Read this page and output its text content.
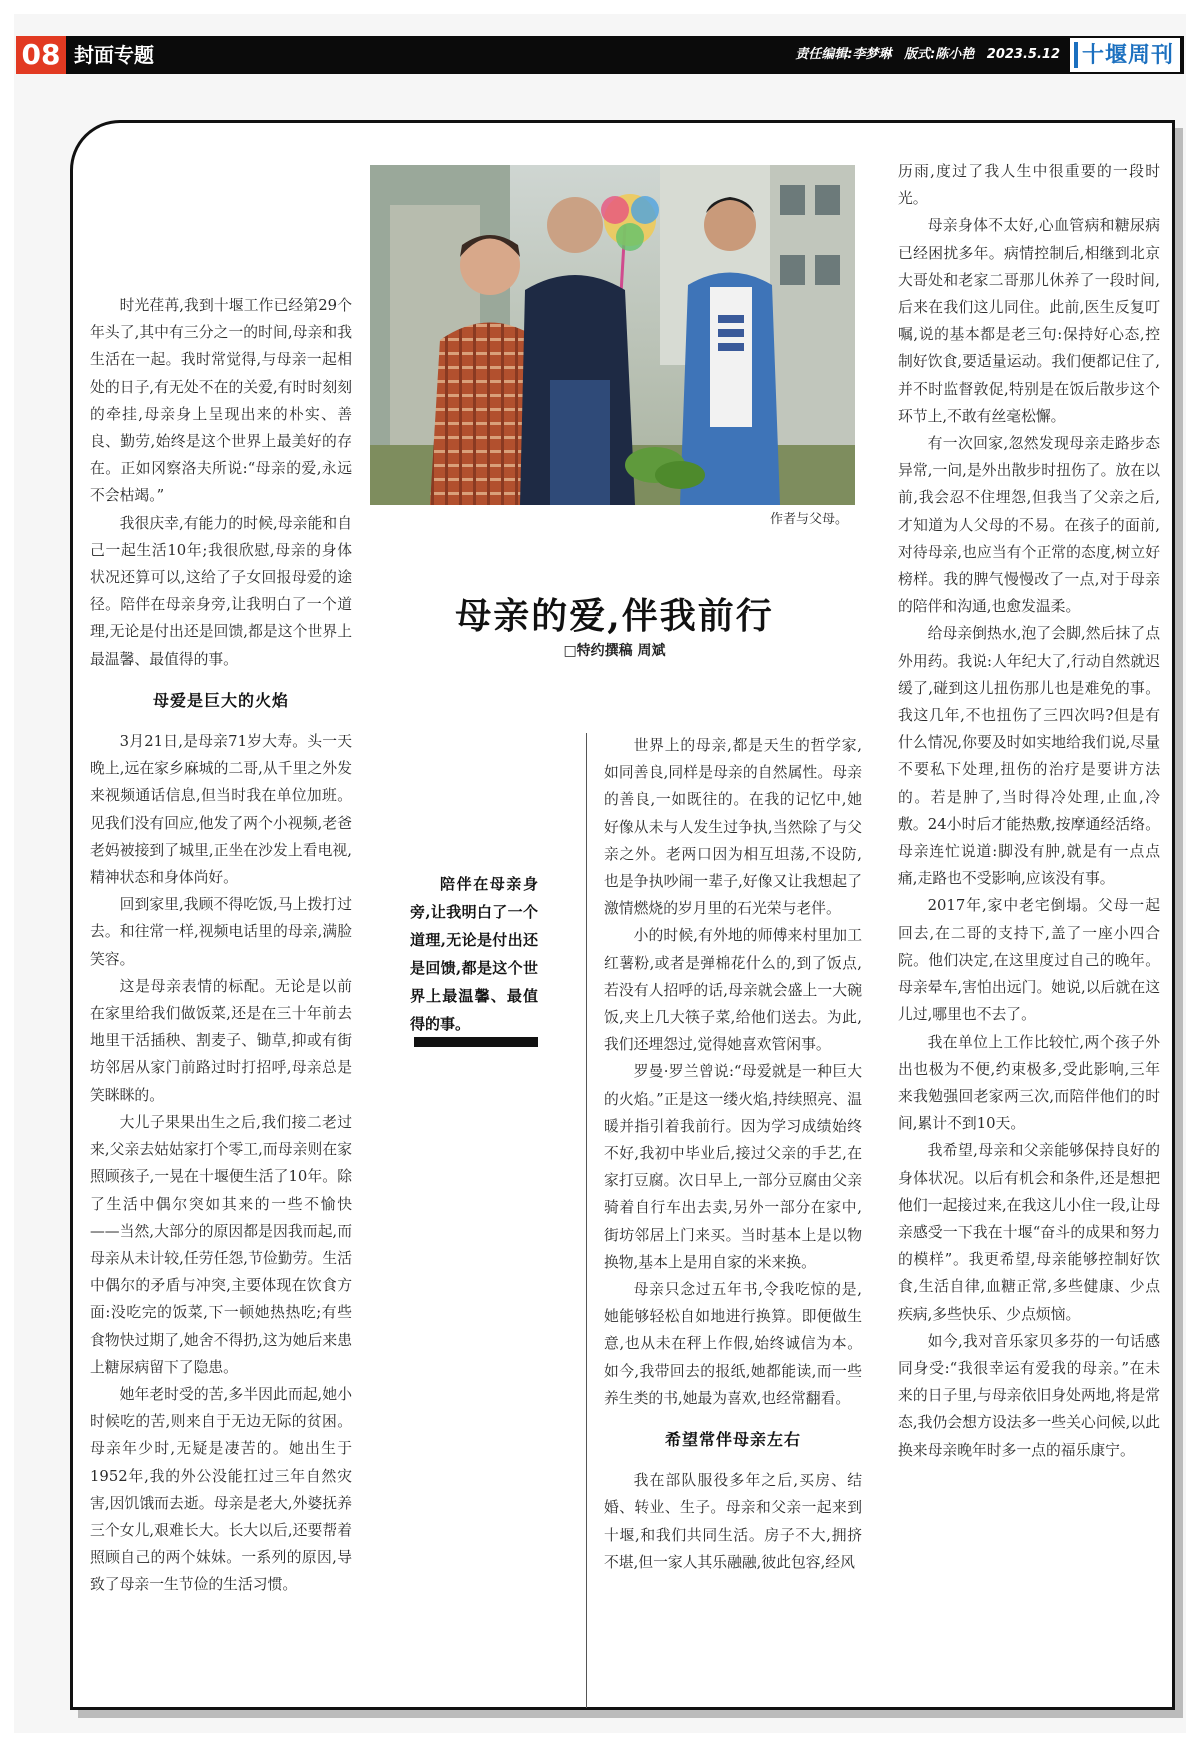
08 封面专题	责任编辑:李梦琳 版式:陈小艳 2023.5.12 十堰周刊

时光荏苒,我到十堰工作已经第29个年头了,其中有三分之一的时间,母亲和我生活在一起。我时常觉得,与母亲一起相处的日子,有无处不在的关爱,有时时刻刻的牵挂,母亲身上呈现出来的朴实、善良、勤劳,始终是这个世界上最美好的存在。正如冈察洛夫所说:“母亲的爱,永远不会枯竭。”

我很庆幸,有能力的时候,母亲能和自己一起生活10年;我很欣慰,母亲的身体状况还算可以,这给了子女回报母爱的途径。陪伴在母亲身旁,让我明白了一个道理,无论是付出还是回馈,都是这个世界上最温馨、最值得的事。

母爱是巨大的火焰

3月21日,是母亲71岁大寿。头一天晚上,远在家乡麻城的二哥,从千里之外发来视频通话信息,但当时我在单位加班。见我们没有回应,他发了两个小视频,老爸老妈被接到了城里,正坐在沙发上看电视,精神状态和身体尚好。

回到家里,我顾不得吃饭,马上拨打过去。和往常一样,视频电话里的母亲,满脸笑容。

这是母亲表情的标配。无论是以前在家里给我们做饭菜,还是在三十年前去地里干活插秧、割麦子、锄草,抑或有街坊邻居从家门前路过时打招呼,母亲总是笑眯眯的。

大儿子果果出生之后,我们接二老过来,父亲去姑姑家打个零工,而母亲则在家照顾孩子,一晃在十堰便生活了10年。除了生活中偶尔突如其来的一些不愉快——当然,大部分的原因都是因我而起,而母亲从未计较,任劳任怨,节俭勤劳。生活中偶尔的矛盾与冲突,主要体现在饮食方面:没吃完的饭菜,下一顿她热热吃;有些食物快过期了,她舍不得扔,这为她后来患上糖尿病留下了隐患。

她年老时受的苦,多半因此而起,她小时候吃的苦,则来自于无边无际的贫困。母亲年少时,无疑是凄苦的。她出生于1952年,我的外公没能扛过三年自然灾害,因饥饿而去逝。母亲是老大,外婆抚养三个女儿,艰难长大。长大以后,还要帮着照顾自己的两个妹妹。一系列的原因,导致了母亲一生节俭的生活习惯。

作者与父母。
母亲的爱,伴我前行
□特约撰稿 周斌
陪伴在母亲身旁,让我明白了一个道理,无论是付出还是回馈,都是这个世界上最温馨、最值得的事。

世界上的母亲,都是天生的哲学家,如同善良,同样是母亲的自然属性。母亲的善良,一如既往的。在我的记忆中,她好像从未与人发生过争执,当然除了与父亲之外。老两口因为相互坦荡,不设防,也是争执吵闹一辈子,好像又让我想起了激情燃烧的岁月里的石光荣与老伴。

小的时候,有外地的师傅来村里加工红薯粉,或者是弹棉花什么的,到了饭点,若没有人招呼的话,母亲就会盛上一大碗饭,夹上几大筷子菜,给他们送去。为此,我们还埋怨过,觉得她喜欢管闲事。

罗曼·罗兰曾说:“母爱就是一种巨大的火焰。”正是这一缕火焰,持续照亮、温暖并指引着我前行。因为学习成绩始终不好,我初中毕业后,接过父亲的手艺,在家打豆腐。次日早上,一部分豆腐由父亲骑着自行车出去卖,另外一部分在家中,街坊邻居上门来买。当时基本上是以物换物,基本上是用自家的米来换。

母亲只念过五年书,令我吃惊的是,她能够轻松自如地进行换算。即便做生意,也从未在秤上作假,始终诚信为本。如今,我带回去的报纸,她都能读,而一些养生类的书,她最为喜欢,也经常翻看。

希望常伴母亲左右

我在部队服役多年之后,买房、结婚、转业、生子。母亲和父亲一起来到十堰,和我们共同生活。房子不大,拥挤不堪,但一家人其乐融融,彼此包容,经风

历雨,度过了我人生中很重要的一段时光。

母亲身体不太好,心血管病和糖尿病已经困扰多年。病情控制后,相继到北京大哥处和老家二哥那儿休养了一段时间,后来在我们这儿同住。此前,医生反复叮嘱,说的基本都是老三句:保持好心态,控制好饮食,要适量运动。我们便都记住了,并不时监督敦促,特别是在饭后散步这个环节上,不敢有丝毫松懈。

有一次回家,忽然发现母亲走路步态异常,一问,是外出散步时扭伤了。放在以前,我会忍不住埋怨,但我当了父亲之后,才知道为人父母的不易。在孩子的面前,对待母亲,也应当有个正常的态度,树立好榜样。我的脾气慢慢改了一点,对于母亲的陪伴和沟通,也愈发温柔。

给母亲倒热水,泡了会脚,然后抹了点外用药。我说:人年纪大了,行动自然就迟缓了,碰到这儿扭伤那儿也是难免的事。我这几年,不也扭伤了三四次吗?但是有什么情况,你要及时如实地给我们说,尽量不要私下处理,扭伤的治疗是要讲方法的。若是肿了,当时得冷处理,止血,冷敷。24小时后才能热敷,按摩通经活络。母亲连忙说道:脚没有肿,就是有一点点痛,走路也不受影响,应该没有事。

2017年,家中老宅倒塌。父母一起回去,在二哥的支持下,盖了一座小四合院。他们决定,在这里度过自己的晚年。母亲晕车,害怕出远门。她说,以后就在这儿过,哪里也不去了。

我在单位上工作比较忙,两个孩子外出也极为不便,约束极多,受此影响,三年来我勉强回老家两三次,而陪伴他们的时间,累计不到10天。

我希望,母亲和父亲能够保持良好的身体状况。以后有机会和条件,还是想把他们一起接过来,在我这儿小住一段,让母亲感受一下我在十堰“奋斗的成果和努力的模样”。我更希望,母亲能够控制好饮食,生活自律,血糖正常,多些健康、少点疾病,多些快乐、少点烦恼。

如今,我对音乐家贝多芬的一句话感同身受:“我很幸运有爱我的母亲。”在未来的日子里,与母亲依旧身处两地,将是常态,我仍会想方设法多一些关心问候,以此换来母亲晚年时多一点的福乐康宁。
